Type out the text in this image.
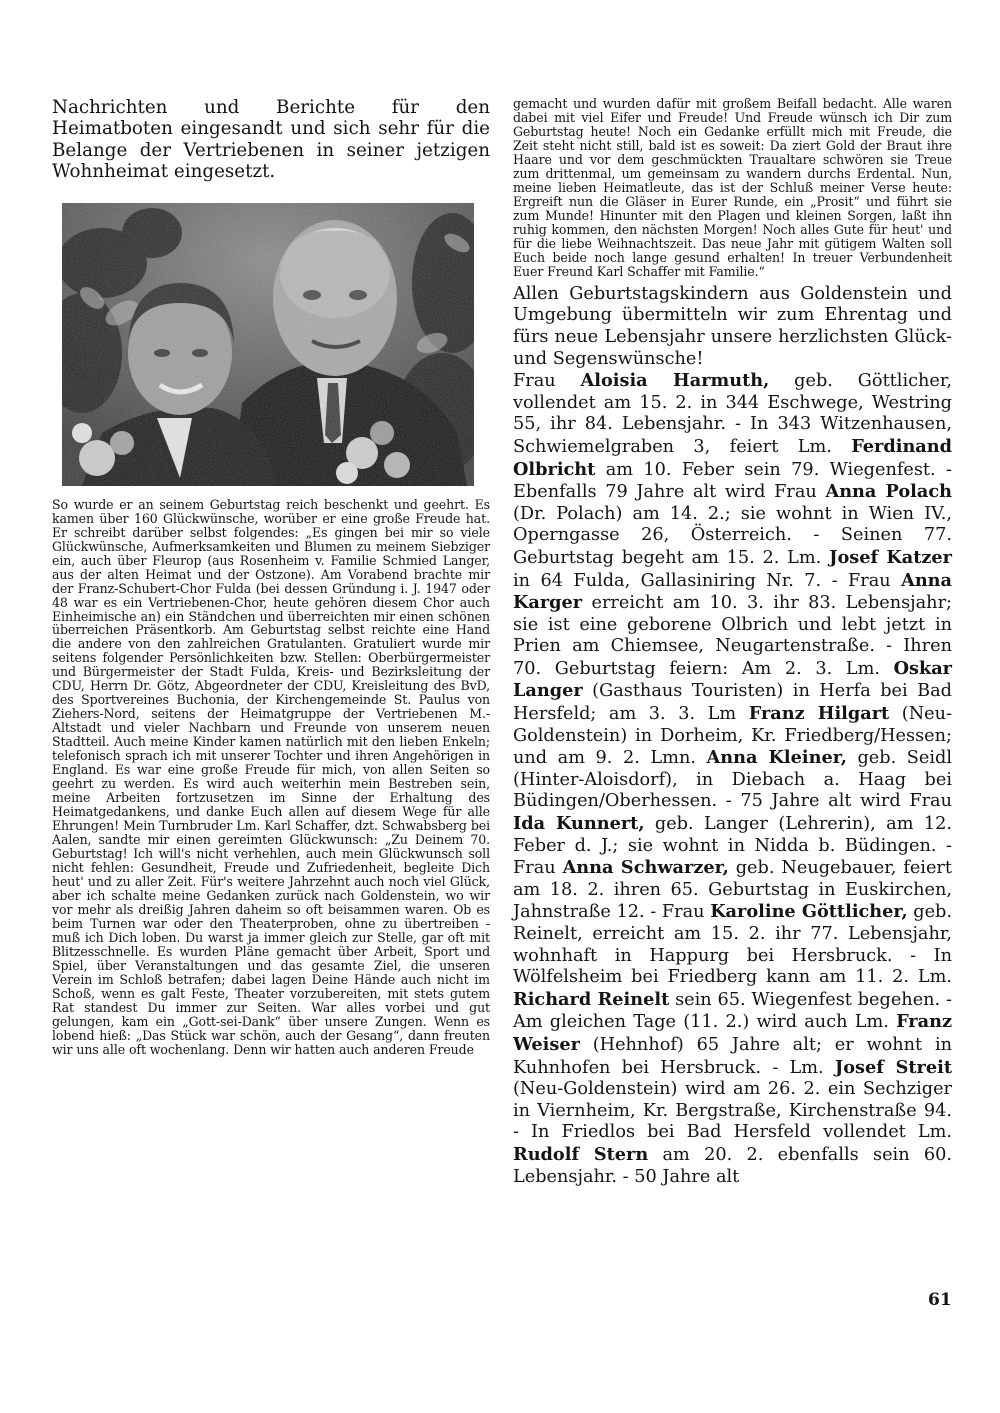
Nachrichten und Berichte für den Heimatboten eingesandt und sich sehr für die Belange der Vertriebenen in seiner jetzigen Wohnheimat eingesetzt.

So wurde er an seinem Geburtstag reich beschenkt und geehrt. Es kamen über 160 Glückwünsche, worüber er eine große Freude hat. Er schreibt darüber selbst folgendes: „Es gingen bei mir so viele Glückwünsche, Aufmerksamkeiten und Blumen zu meinem Siebziger ein, auch über Fleurop (aus Rosenheim v. Familie Schmied Langer, aus der alten Heimat und der Ostzone). Am Vorabend brachte mir der Franz-Schubert-Chor Fulda (bei dessen Gründung i. J. 1947 oder 48 war es ein Vertriebenen-Chor, heute gehören diesem Chor auch Einheimische an) ein Ständchen und überreichten mir einen schönen überreichen Präsentkorb. Am Geburtstag selbst reichte eine Hand die andere von den zahlreichen Gratulanten. Gratuliert wurde mir seitens folgender Persönlichkeiten bzw. Stellen: Oberbürgermeister und Bürgermeister der Stadt Fulda, Kreis- und Bezirksleitung der CDU, Herrn Dr. Götz, Abgeordneter der CDU, Kreisleitung des BvD, des Sportvereines Buchonia, der Kirchengemeinde St. Paulus von Ziehers-Nord, seitens der Heimatgruppe der Vertriebenen M.-Altstadt und vieler Nachbarn und Freunde von unserem neuen Stadtteil. Auch meine Kinder kamen natürlich mit den lieben Enkeln; telefonisch sprach ich mit unserer Tochter und ihren Angehörigen in England. Es war eine große Freude für mich, von allen Seiten so geehrt zu werden. Es wird auch weiterhin mein Bestreben sein, meine Arbeiten fortzusetzen im Sinne der Erhaltung des Heimatgedankens, und danke Euch allen auf diesem Wege für alle Ehrungen! Mein Turnbruder Lm. Karl Schaffer, dzt. Schwabsberg bei Aalen, sandte mir einen gereimten Glückwunsch: „Zu Deinem 70. Geburtstag! Ich will's nicht verhehlen, auch mein Glückwunsch soll nicht fehlen: Gesundheit, Freude und Zufriedenheit, begleite Dich heut' und zu aller Zeit. Für's weitere Jahrzehnt auch noch viel Glück, aber ich schalte meine Gedanken zurück nach Goldenstein, wo wir vor mehr als dreißig Jahren daheim so oft beisammen waren. Ob es beim Turnen war oder den Theaterproben, ohne zu übertreiben - muß ich Dich loben. Du warst ja immer gleich zur Stelle, gar oft mit Blitzesschnelle. Es wurden Pläne gemacht über Arbeit, Sport und Spiel, über Veranstaltungen und das gesamte Ziel, die unseren Verein im Schloß betrafen; dabei lagen Deine Hände auch nicht im Schoß, wenn es galt Feste, Theater vorzubereiten, mit stets gutem Rat standest Du immer zur Seiten. War alles vorbei und gut gelungen, kam ein „Gott-sei-Dank“ über unsere Zungen. Wenn es lobend hieß: „Das Stück war schön, auch der Gesang“, dann freuten wir uns alle oft wochenlang. Denn wir hatten auch anderen Freude

gemacht und wurden dafür mit großem Beifall bedacht. Alle waren dabei mit viel Eifer und Freude! Und Freude wünsch ich Dir zum Geburtstag heute! Noch ein Gedanke erfüllt mich mit Freude, die Zeit steht nicht still, bald ist es soweit: Da ziert Gold der Braut ihre Haare und vor dem geschmückten Traualtare schwören sie Treue zum drittenmal, um gemeinsam zu wandern durchs Erdental. Nun, meine lieben Heimatleute, das ist der Schluß meiner Verse heute: Ergreift nun die Gläser in Eurer Runde, ein „Prosit“ und führt sie zum Munde! Hinunter mit den Plagen und kleinen Sorgen, laßt ihn ruhig kommen, den nächsten Morgen! Noch alles Gute für heut' und für die liebe Weihnachtszeit. Das neue Jahr mit gütigem Walten soll Euch beide noch lange gesund erhalten! In treuer Verbundenheit Euer Freund Karl Schaffer mit Familie.“

Allen Geburtstagskindern aus Goldenstein und Umgebung übermitteln wir zum Ehrentag und fürs neue Lebensjahr unsere herzlichsten Glück- und Segenswünsche!

Frau Aloisia Harmuth, geb. Göttlicher, vollendet am 15. 2. in 344 Eschwege, Westring 55, ihr 84. Lebensjahr. - In 343 Witzenhausen, Schwiemelgraben 3, feiert Lm. Ferdinand Olbricht am 10. Feber sein 79. Wiegenfest. - Ebenfalls 79 Jahre alt wird Frau Anna Polach (Dr. Polach) am 14. 2.; sie wohnt in Wien IV., Operngasse 26, Österreich. - Seinen 77. Geburtstag begeht am 15. 2. Lm. Josef Katzer in 64 Fulda, Gallasiniring Nr. 7. - Frau Anna Karger erreicht am 10. 3. ihr 83. Lebensjahr; sie ist eine geborene Olbrich und lebt jetzt in Prien am Chiemsee, Neugartenstraße. - Ihren 70. Geburtstag feiern: Am 2. 3. Lm. Oskar Langer (Gasthaus Touristen) in Herfa bei Bad Hersfeld; am 3. 3. Lm Franz Hilgart (Neu-Goldenstein) in Dorheim, Kr. Friedberg/Hessen; und am 9. 2. Lmn. Anna Kleiner, geb. Seidl (Hinter-Aloisdorf), in Diebach a. Haag bei Büdingen/Oberhessen. - 75 Jahre alt wird Frau Ida Kunnert, geb. Langer (Lehrerin), am 12. Feber d. J.; sie wohnt in Nidda b. Büdingen. - Frau Anna Schwarzer, geb. Neugebauer, feiert am 18. 2. ihren 65. Geburtstag in Euskirchen, Jahnstraße 12. - Frau Karoline Göttlicher, geb. Reinelt, erreicht am 15. 2. ihr 77. Lebensjahr, wohnhaft in Happurg bei Hersbruck. - In Wölfelsheim bei Friedberg kann am 11. 2. Lm. Richard Reinelt sein 65. Wiegenfest begehen. - Am gleichen Tage (11. 2.) wird auch Lm. Franz Weiser (Hehnhof) 65 Jahre alt; er wohnt in Kuhnhofen bei Hersbruck. - Lm. Josef Streit (Neu-Goldenstein) wird am 26. 2. ein Sechziger in Viernheim, Kr. Bergstraße, Kirchenstraße 94. - In Friedlos bei Bad Hersfeld vollendet Lm. Rudolf Stern am 20. 2. ebenfalls sein 60. Lebensjahr. - 50 Jahre alt

61
